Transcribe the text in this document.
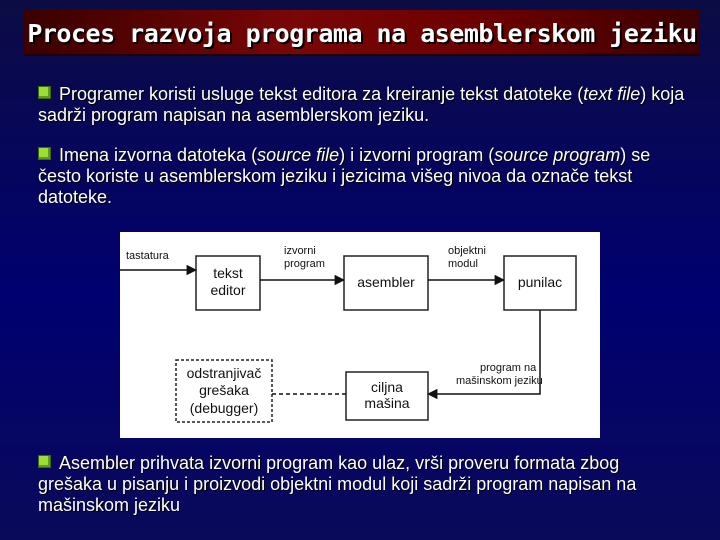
Proces razvoja programa na asemblerskom jeziku
Programer koristi usluge tekst editora za kreiranje tekst datoteke (text file) koja sadrži program napisan na asemblerskom jeziku.
Imena izvorna datoteka (source file) i izvorni program (source program) se često koriste u asemblerskom jeziku i jezicima višeg nivoa da označe tekst datoteke.
tekst
editor	asembler	punilac
odstranjivač
grešaka
(debugger)
ciljna
mašina
tastatura	izvorni
program
objektni
modul
program na
mašinskom jeziku
Asembler prihvata izvorni program kao ulaz, vrši proveru formata zbog grešaka u pisanju i proizvodi objektni modul koji sadrži program napisan na mašinskom jeziku
